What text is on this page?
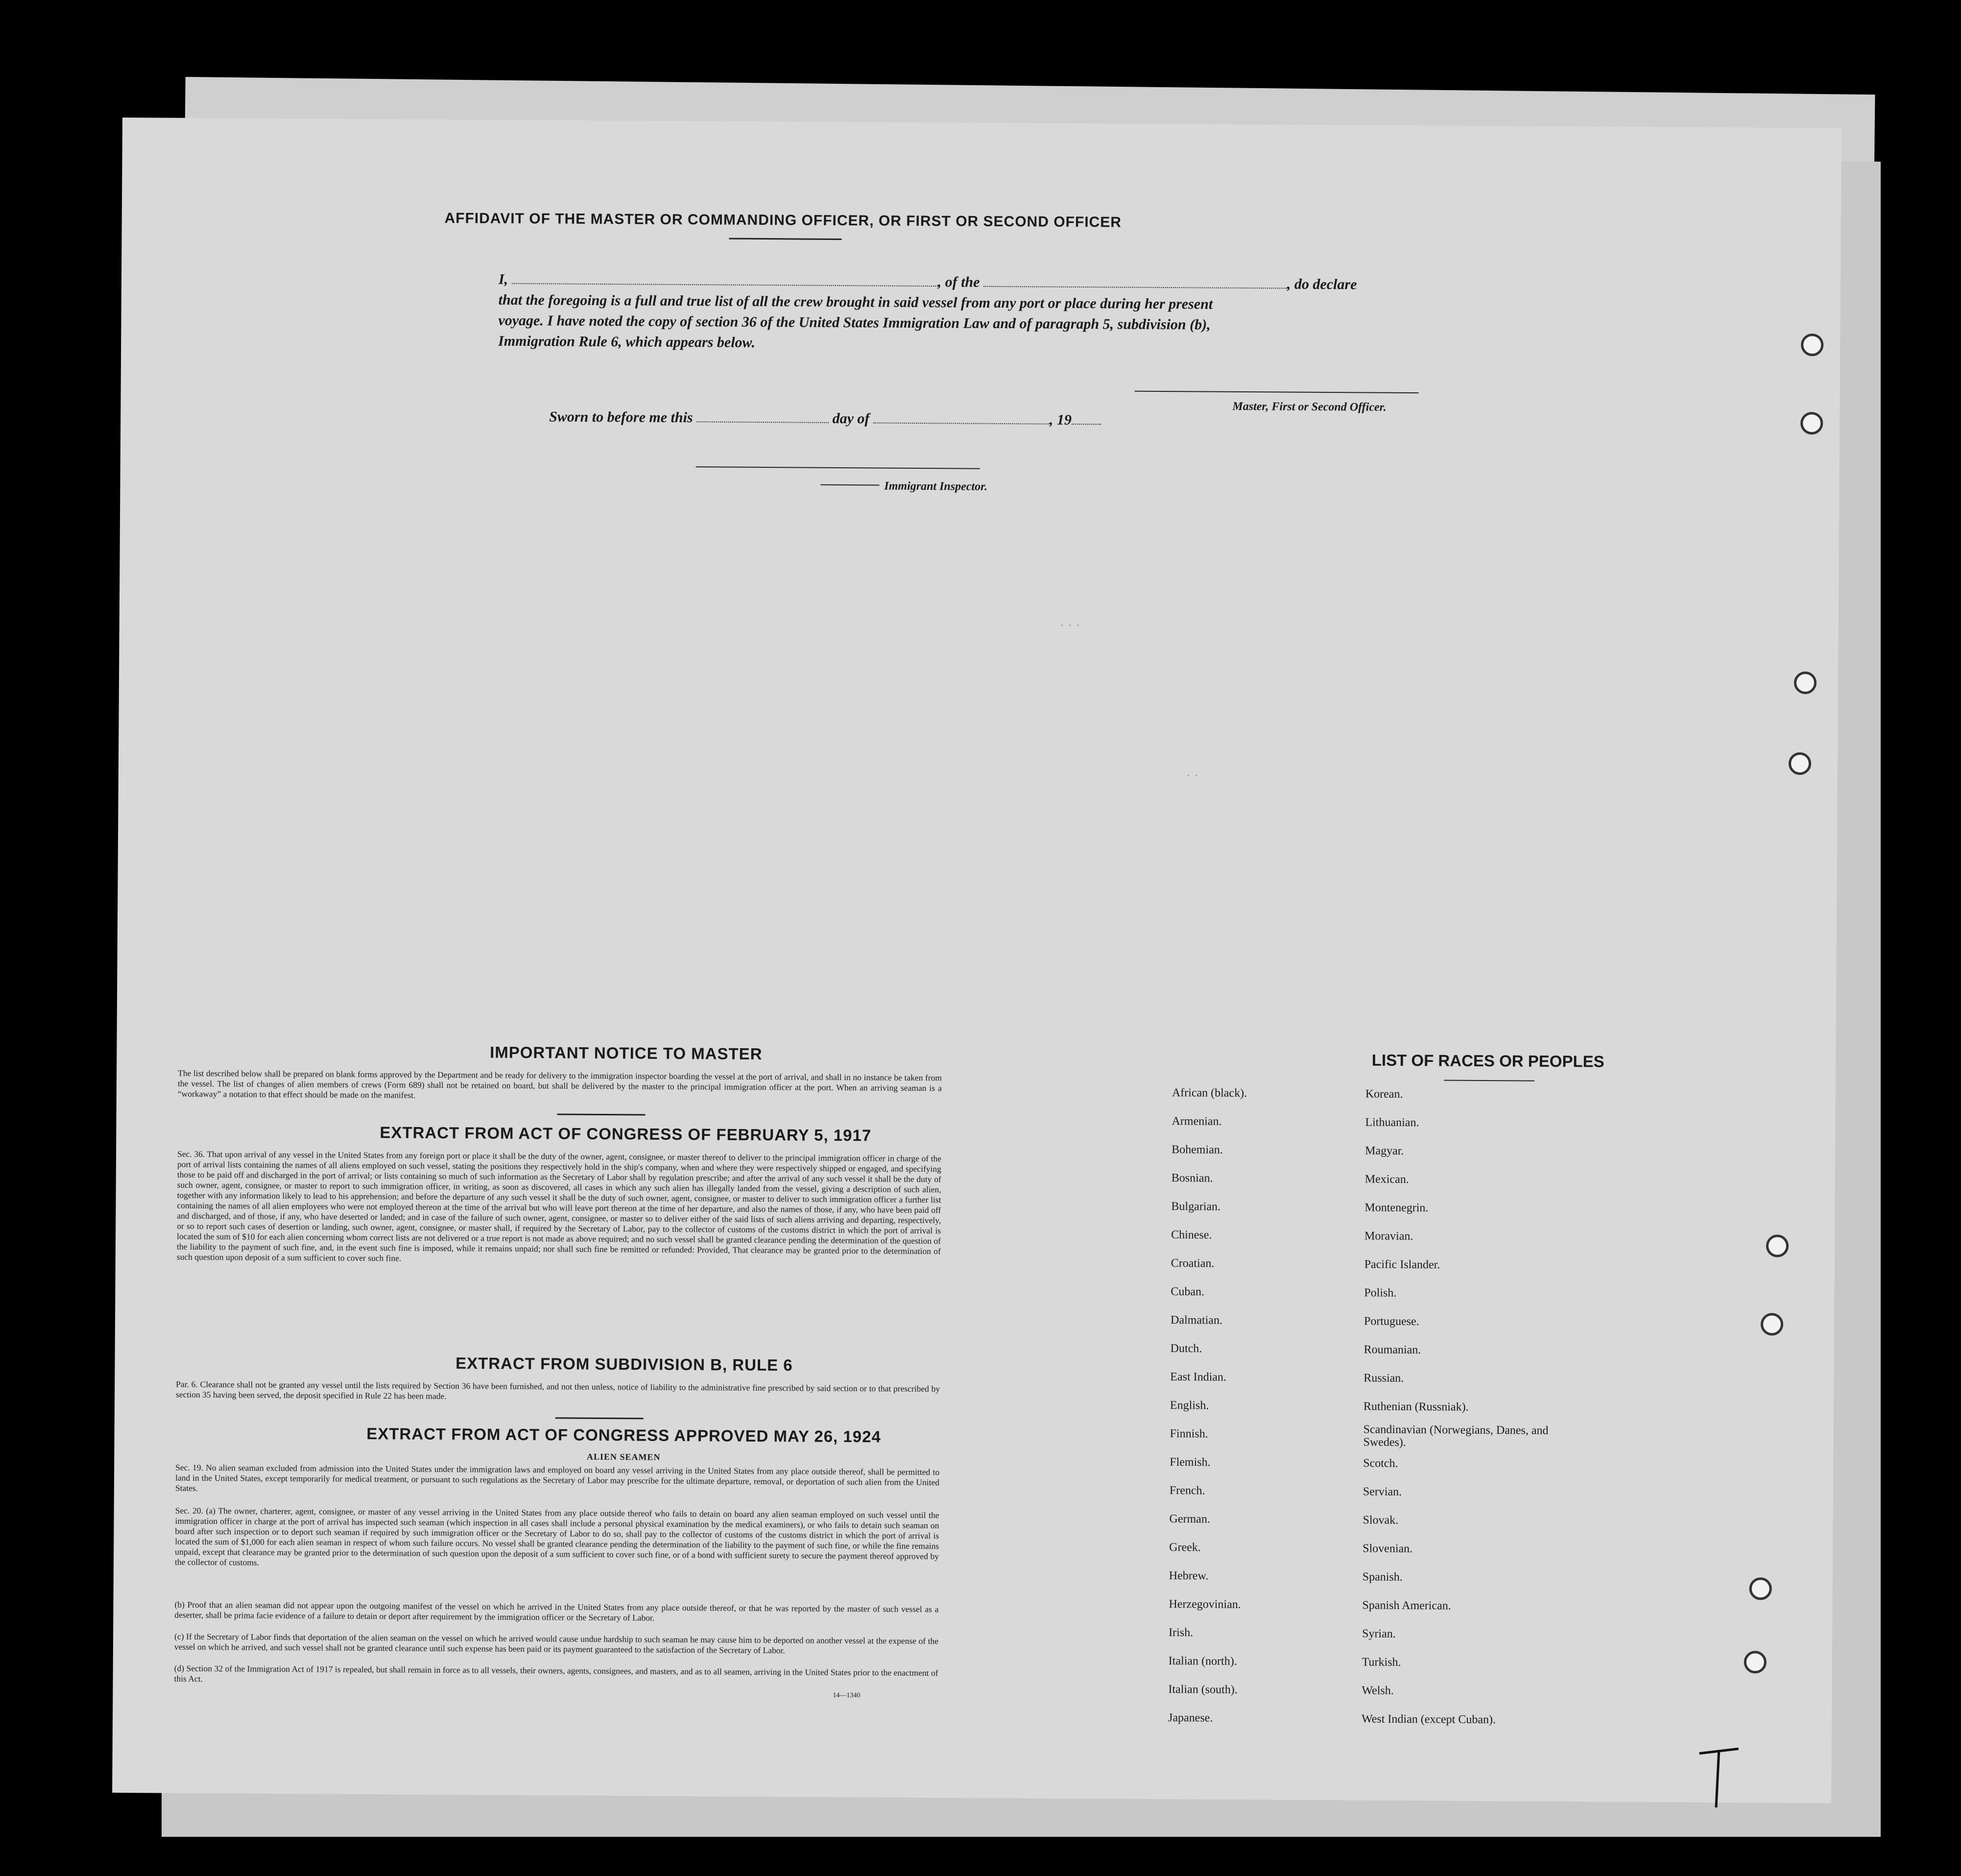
AFFIDAVIT OF THE MASTER OR COMMANDING OFFICER, OR FIRST OR SECOND OFFICER
I,	, of the	, do declare
that the foregoing is a full and true list of all the crew brought in said vessel from any port or place during her present
voyage. I have noted the copy of section 36 of the United States Immigration Law and of paragraph 5, subdivision (b),
Immigration Rule 6, which appears below.
Master, First or Second Officer.
Sworn to before me this	day of	, 19
Immigrant Inspector.
· · ·
· ·
IMPORTANT NOTICE TO MASTER
The list described below shall be prepared on blank forms approved by the Department and be ready for delivery to the immigration inspector boarding the vessel at the port of arrival, and shall in no instance be taken from the vessel. The list of changes of alien members of crews (Form 689) shall not be retained on board, but shall be delivered by the master to the principal immigration officer at the port. When an arriving seaman is a “workaway” a notation to that effect should be made on the manifest.
EXTRACT FROM ACT OF CONGRESS OF FEBRUARY 5, 1917
Sec. 36. That upon arrival of any vessel in the United States from any foreign port or place it shall be the duty of the owner, agent, consignee, or master thereof to deliver to the principal immigration officer in charge of the port of arrival lists containing the names of all aliens employed on such vessel, stating the positions they respectively hold in the ship's company, when and where they were respectively shipped or engaged, and specifying those to be paid off and discharged in the port of arrival; or lists containing so much of such information as the Secretary of Labor shall by regulation prescribe; and after the arrival of any such vessel it shall be the duty of such owner, agent, consignee, or master to report to such immigration officer, in writing, as soon as discovered, all cases in which any such alien has illegally landed from the vessel, giving a description of such alien, together with any information likely to lead to his apprehension; and before the departure of any such vessel it shall be the duty of such owner, agent, consignee, or master to deliver to such immigration officer a further list containing the names of all alien employees who were not employed thereon at the time of the arrival but who will leave port thereon at the time of her departure, and also the names of those, if any, who have been paid off and discharged, and of those, if any, who have deserted or landed; and in case of the failure of such owner, agent, consignee, or master so to deliver either of the said lists of such aliens arriving and departing, respectively, or so to report such cases of desertion or landing, such owner, agent, consignee, or master shall, if required by the Secretary of Labor, pay to the collector of customs of the customs district in which the port of arrival is located the sum of $10 for each alien concerning whom correct lists are not delivered or a true report is not made as above required; and no such vessel shall be granted clearance pending the determination of the question of the liability to the payment of such fine, and, in the event such fine is imposed, while it remains unpaid; nor shall such fine be remitted or refunded: Provided, That clearance may be granted prior to the determination of such question upon deposit of a sum sufficient to cover such fine.
EXTRACT FROM SUBDIVISION B, RULE 6
Par. 6. Clearance shall not be granted any vessel until the lists required by Section 36 have been furnished, and not then unless, notice of liability to the administrative fine prescribed by said section or to that prescribed by section 35 having been served, the deposit specified in Rule 22 has been made.
EXTRACT FROM ACT OF CONGRESS APPROVED MAY 26, 1924
ALIEN SEAMEN
Sec. 19. No alien seaman excluded from admission into the United States under the immigration laws and employed on board any vessel arriving in the United States from any place outside thereof, shall be permitted to land in the United States, except temporarily for medical treatment, or pursuant to such regulations as the Secretary of Labor may prescribe for the ultimate departure, removal, or deportation of such alien from the United States.
Sec. 20. (a) The owner, charterer, agent, consignee, or master of any vessel arriving in the United States from any place outside thereof who fails to detain on board any alien seaman employed on such vessel until the immigration officer in charge at the port of arrival has inspected such seaman (which inspection in all cases shall include a personal physical examination by the medical examiners), or who fails to detain such seaman on board after such inspection or to deport such seaman if required by such immigration officer or the Secretary of Labor to do so, shall pay to the collector of customs of the customs district in which the port of arrival is located the sum of $1,000 for each alien seaman in respect of whom such failure occurs. No vessel shall be granted clearance pending the determination of the liability to the payment of such fine, or while the fine remains unpaid, except that clearance may be granted prior to the determination of such question upon the deposit of a sum sufficient to cover such fine, or of a bond with sufficient surety to secure the payment thereof approved by the collector of customs.
(b) Proof that an alien seaman did not appear upon the outgoing manifest of the vessel on which he arrived in the United States from any place outside thereof, or that he was reported by the master of such vessel as a deserter, shall be prima facie evidence of a failure to detain or deport after requirement by the immigration officer or the Secretary of Labor.
(c) If the Secretary of Labor finds that deportation of the alien seaman on the vessel on which he arrived would cause undue hardship to such seaman he may cause him to be deported on another vessel at the expense of the vessel on which he arrived, and such vessel shall not be granted clearance until such expense has been paid or its payment guaranteed to the satisfaction of the Secretary of Labor.
(d) Section 32 of the Immigration Act of 1917 is repealed, but shall remain in force as to all vessels, their owners, agents, consignees, and masters, and as to all seamen, arriving in the United States prior to the enactment of this Act.
14—1340
LIST OF RACES OR PEOPLES
African (black).
Armenian.
Bohemian.
Bosnian.
Bulgarian.
Chinese.
Croatian.
Cuban.
Dalmatian.
Dutch.
East Indian.
English.
Finnish.
Flemish.
French.
German.
Greek.
Hebrew.
Herzegovinian.
Irish.
Italian (north).
Italian (south).
Japanese.
Korean.
Lithuanian.
Magyar.
Mexican.
Montenegrin.
Moravian.
Pacific Islander.
Polish.
Portuguese.
Roumanian.
Russian.
Ruthenian (Russniak).
Scandinavian (Norwegians, Danes, and Swedes).
Scotch.
Servian.
Slovak.
Slovenian.
Spanish.
Spanish American.
Syrian.
Turkish.
Welsh.
West Indian (except Cuban).
